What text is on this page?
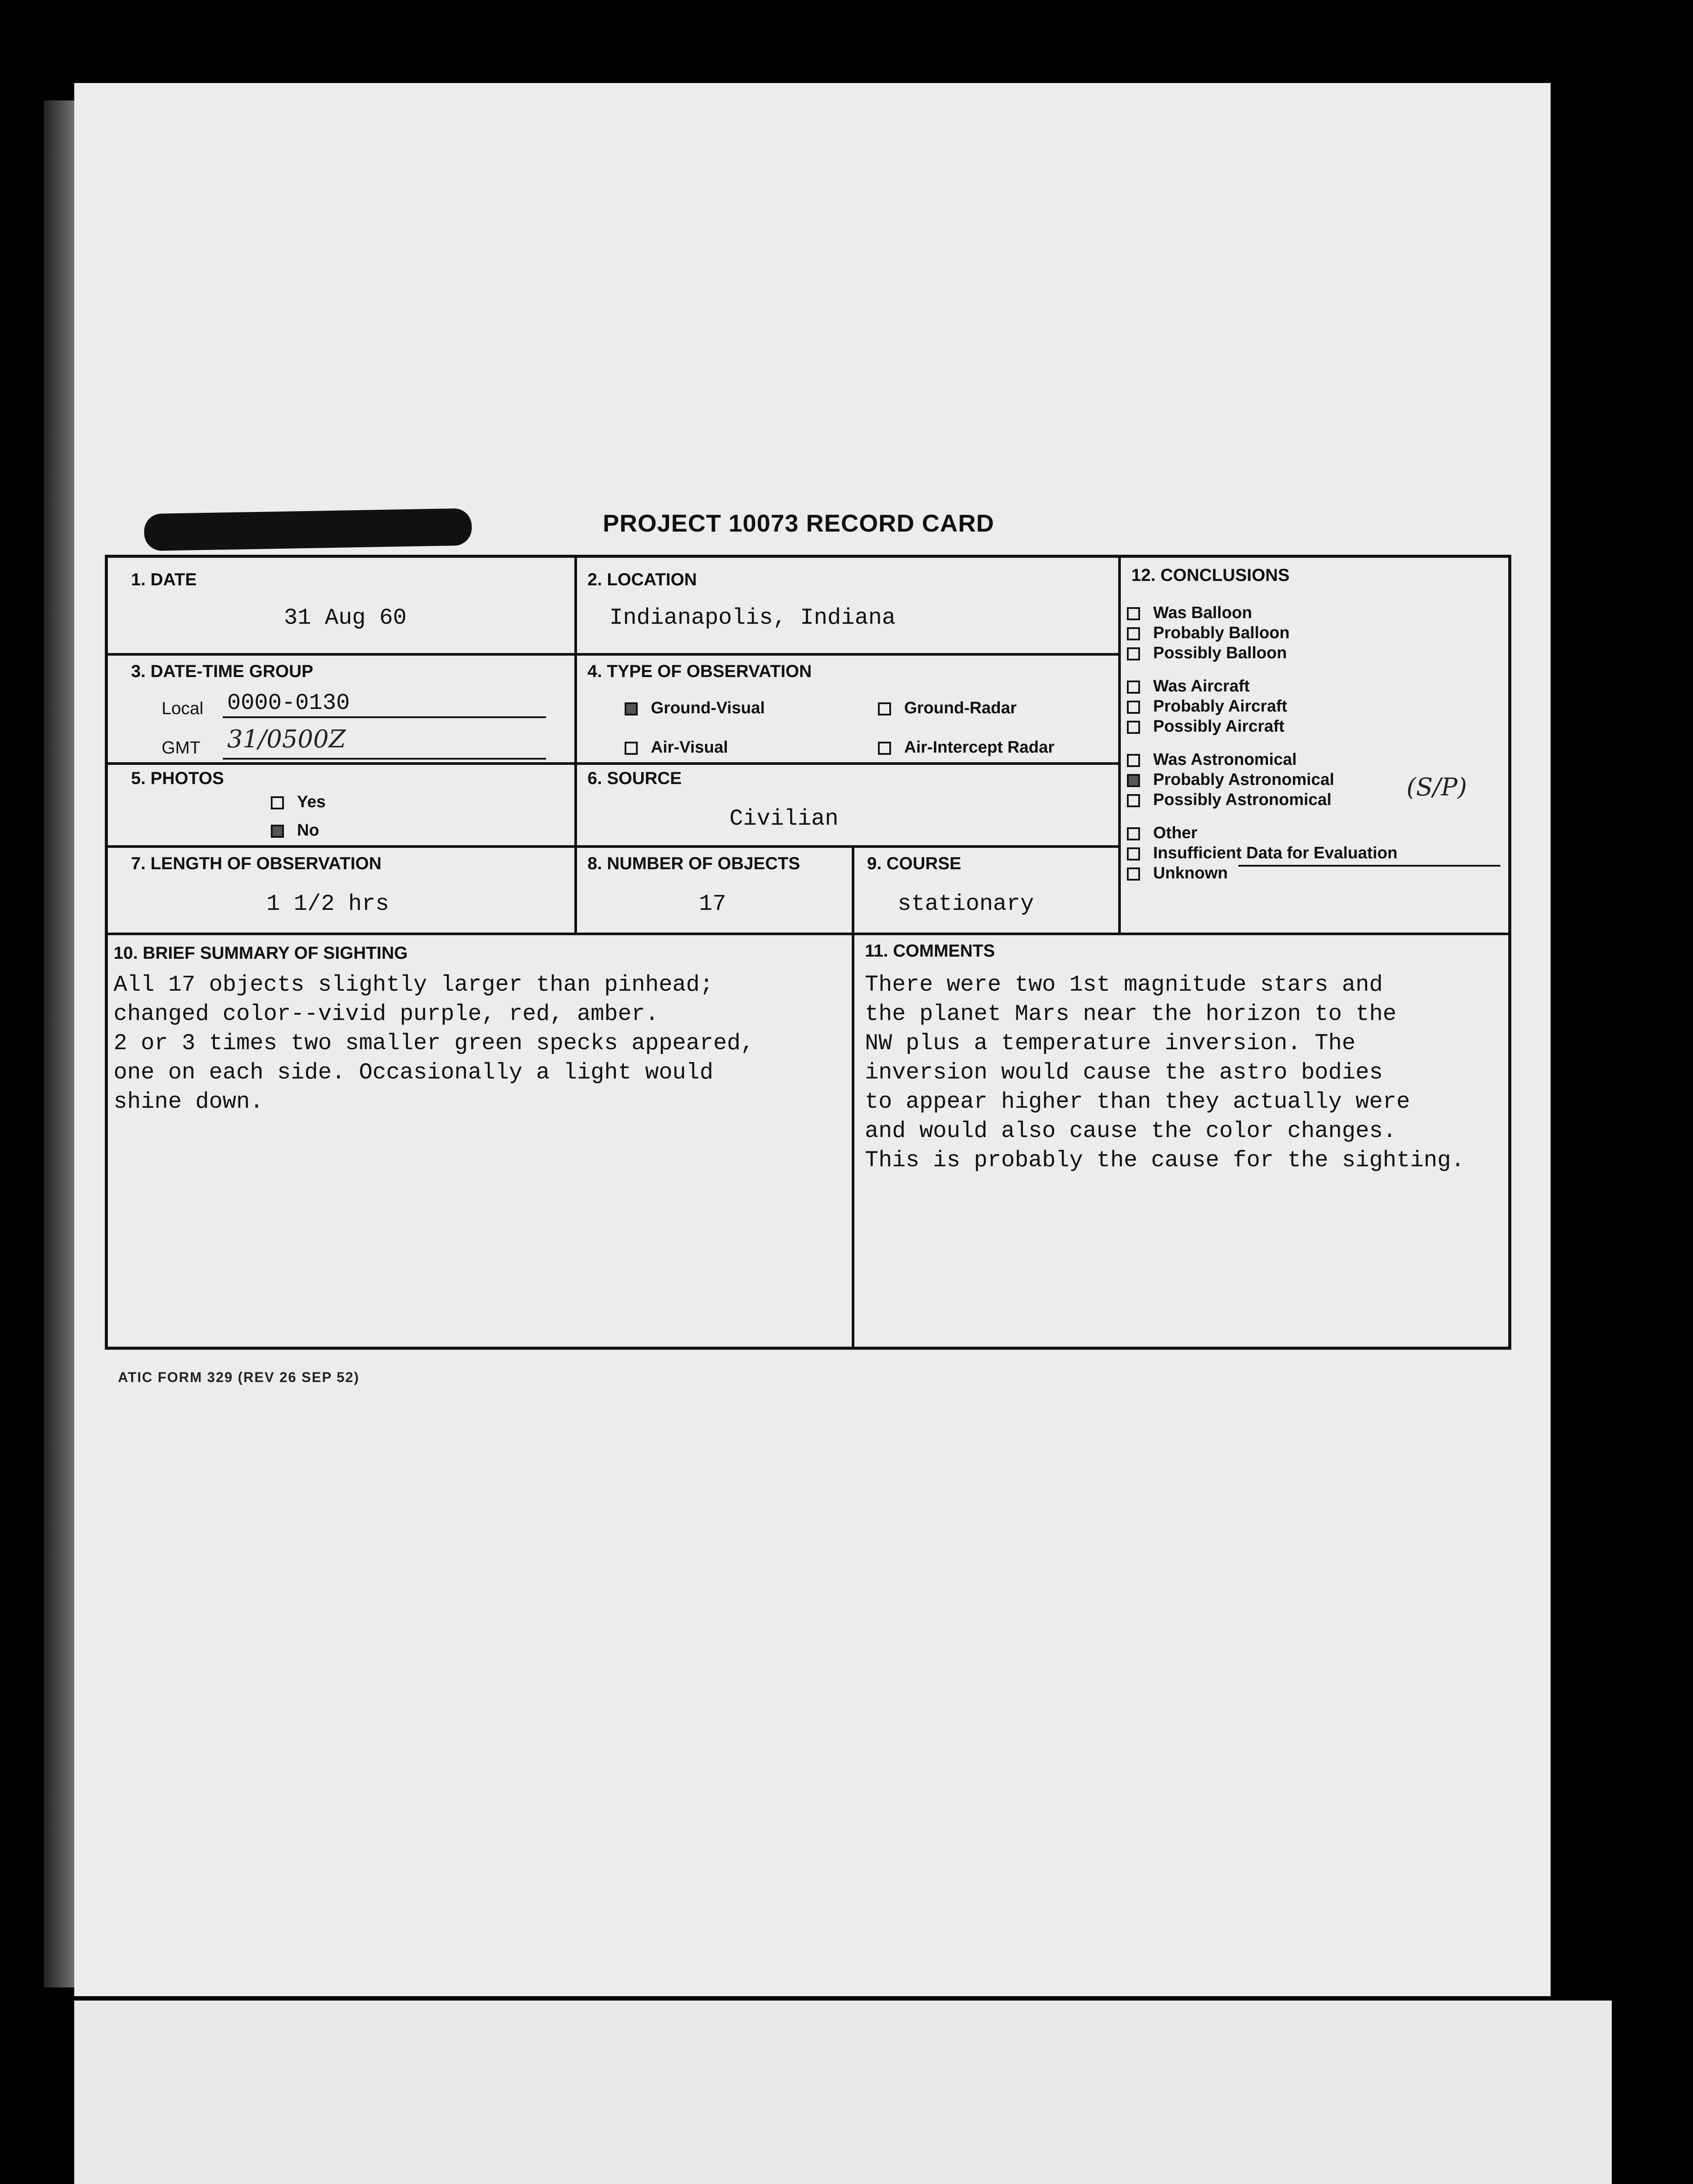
PROJECT 10073 RECORD CARD
1. DATE
31 Aug 60
2. LOCATION
Indianapolis, Indiana
3. DATE-TIME GROUP
Local 0000-0130
GMT 31/0500Z
4. TYPE OF OBSERVATION
Ground-Visual	Ground-Radar
Air-Visual	Air-Intercept Radar
5. PHOTOS
Yes
No
6. SOURCE
Civilian
7. LENGTH OF OBSERVATION
1 1/2 hrs
8. NUMBER OF OBJECTS
17
9. COURSE
stationary
10. BRIEF SUMMARY OF SIGHTING
All 17 objects slightly larger than pinhead;
changed color--vivid purple, red, amber.
2 or 3 times two smaller green specks appeared,
one on each side. Occasionally a light would
shine down.
11. COMMENTS
There were two 1st magnitude stars and
the planet Mars near the horizon to the
NW plus a temperature inversion. The
inversion would cause the astro bodies
to appear higher than they actually were
and would also cause the color changes.
This is probably the cause for the sighting.
12. CONCLUSIONS
Was Balloon
Probably Balloon
Possibly Balloon
Was Aircraft
Probably Aircraft
Possibly Aircraft
Was Astronomical
Probably Astronomical
Possibly Astronomical
Other
Insufficient Data for Evaluation
Unknown
(S/P)
ATIC FORM 329 (REV 26 SEP 52)
